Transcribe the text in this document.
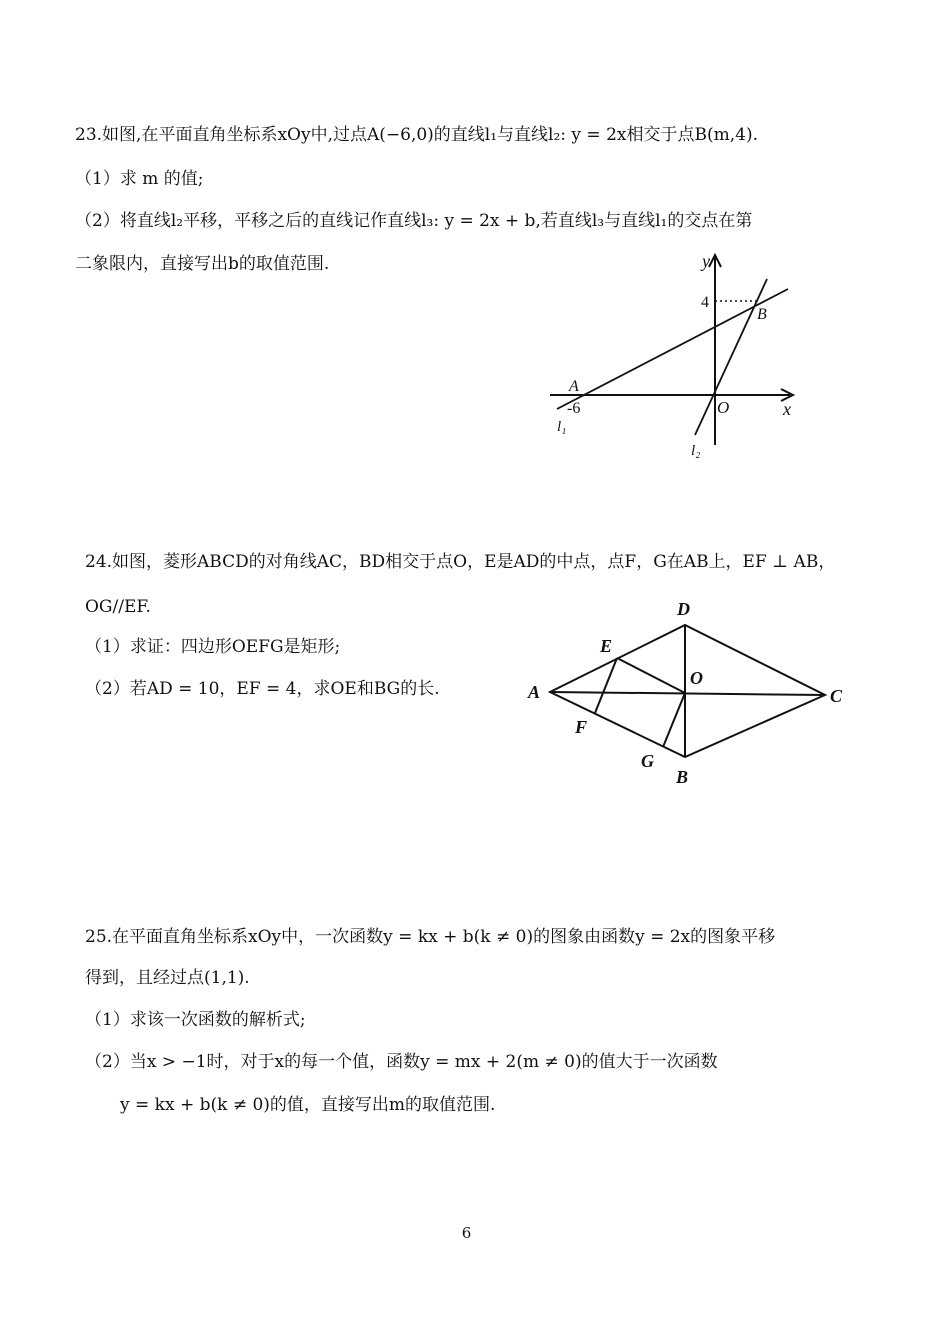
23.如图,在平面直角坐标系xOy中,过点A(−6,0)的直线l₁与直线l₂: y = 2x相交于点B(m,4).
（1）求 m 的值;
（2）将直线l₂平移，平移之后的直线记作直线l₃: y = 2x + b,若直线l₃与直线l₁的交点在第
二象限内，直接写出b的取值范围.	y
x
O
A
B
4
-6
l₁
l₂
24.如图，菱形ABCD的对角线AC，BD相交于点O，E是AD的中点，点F，G在AB上，EF ⊥ AB，
OG//EF.
（1）求证：四边形OEFG是矩形;
（2）若AD = 10，EF = 4，求OE和BG的长.	A
B
C
D
E
F
G
O
25.在平面直角坐标系xOy中，一次函数y = kx + b(k ≠ 0)的图象由函数y = 2x的图象平移
得到，且经过点(1,1).
（1）求该一次函数的解析式;
（2）当x > −1时，对于x的每一个值，函数y = mx + 2(m ≠ 0)的值大于一次函数
y = kx + b(k ≠ 0)的值，直接写出m的取值范围.
6
